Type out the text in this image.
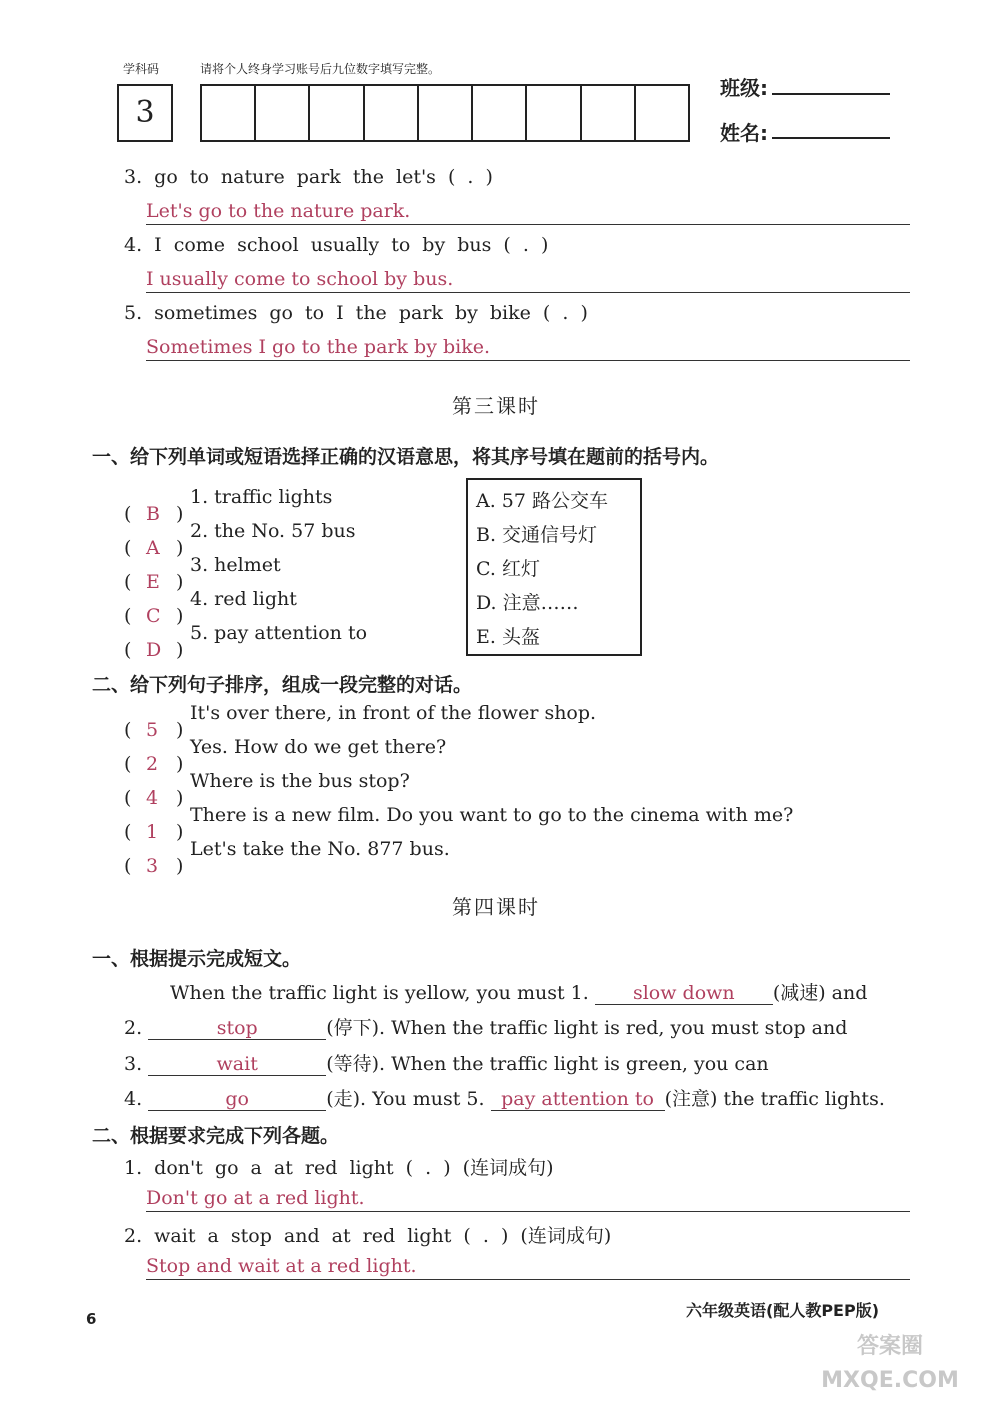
学科码	请将个人终身学习账号后九位数字填写完整。
3
班级:
姓名:
3. go to nature park the let's ( . )
Let's go to the nature park.
4. I come school usually to by bus ( . )
I usually come to school by bus.
5. sometimes go to I the park by bike ( . )
Sometimes I go to the park by bike.
第三课时
一、给下列单词或短语选择正确的汉语意思，将其序号填在题前的括号内。
( B )
1. traffic lights
( A )
2. the No. 57 bus
( E )
3. helmet
( C )
4. red light
( D )
5. pay attention to
A. 57 路公交车
B. 交通信号灯
C. 红灯
D. 注意……
E. 头盔
二、给下列句子排序，组成一段完整的对话。
( 5 )
It's over there, in front of the flower shop.
( 2 )
Yes. How do we get there?
( 4 )
Where is the bus stop?
( 1 )
There is a new film. Do you want to go to the cinema with me?
( 3 )
Let's take the No. 877 bus.
第四课时
一、根据提示完成短文。
When the traffic light is yellow, you must 1. slow down (减速) and
2.	stop	(停下). When the traffic light is red, you must stop and
3.	wait	(等待). When the traffic light is green, you can
4.	go	(走). You must 5. pay attention to (注意) the traffic lights.
二、根据要求完成下列各题。
1. don't go a at red light ( . ) (连词成句)
Don't go at a red light.
2. wait a stop and at red light ( . ) (连词成句)
Stop and wait at a red light.
6	六年级英语(配人教PEP版)
答案圈 MXQE.COM
